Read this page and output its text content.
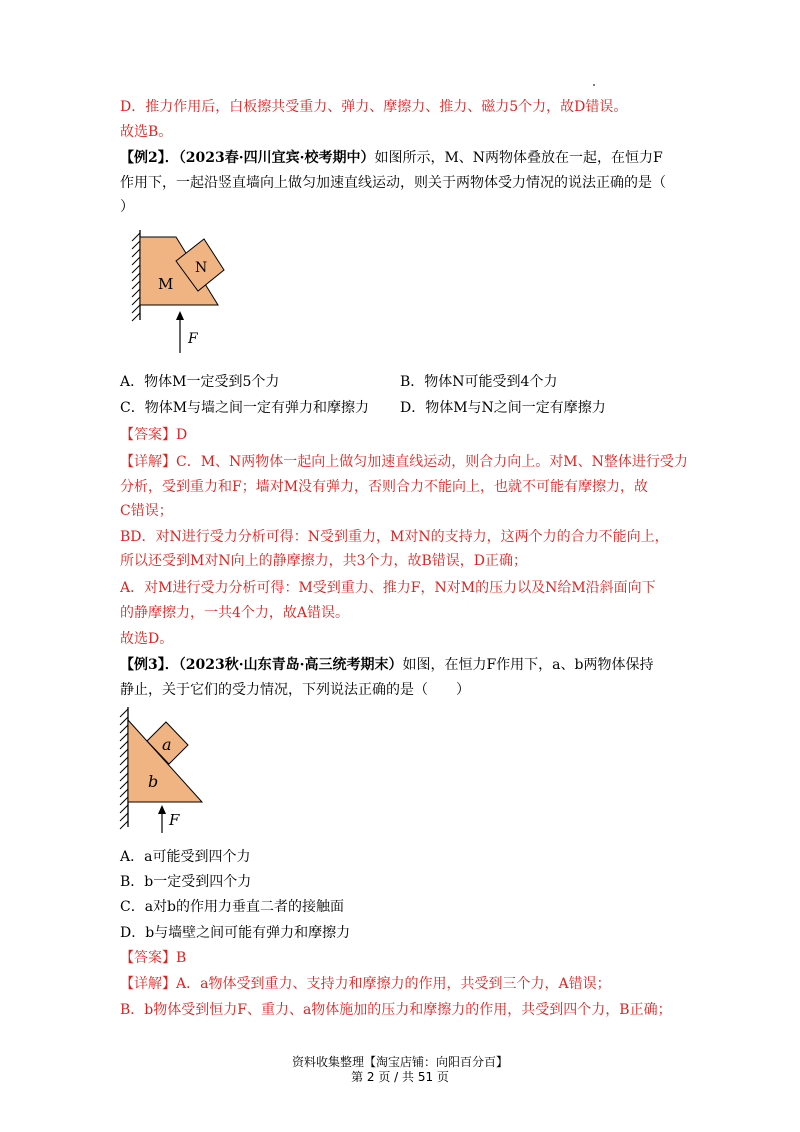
D．推力作用后，白板擦共受重力、弹力、摩擦力、推力、磁力5个力，故D错误。
故选B。
【例2】．（2023春·四川宜宾·校考期中）如图所示，M、N两物体叠放在一起，在恒力F
作用下，一起沿竖直墙向上做匀加速直线运动，则关于两物体受力情况的说法正确的是（
）
M
N
F
A．物体M一定受到5个力	B．物体N可能受到4个力
C．物体M与墙之间一定有弹力和摩擦力 D．物体M与N之间一定有摩擦力
【答案】D
【详解】C．M、N两物体一起向上做匀加速直线运动，则合力向上。对M、N整体进行受力
分析，受到重力和F；墙对M没有弹力，否则合力不能向上，也就不可能有摩擦力，故
C错误；
BD．对N进行受力分析可得：N受到重力，M对N的支持力，这两个力的合力不能向上，
所以还受到M对N向上的静摩擦力，共3个力，故B错误，D正确；
A．对M进行受力分析可得：M受到重力、推力F，N对M的压力以及N给M沿斜面向下
的静摩擦力，一共4个力，故A错误。
故选D。
【例3】．（2023秋·山东青岛·高三统考期末）如图，在恒力F作用下，a、b两物体保持
静止，关于它们的受力情况，下列说法正确的是（　　）
a
b
F
A．a可能受到四个力
B．b一定受到四个力
C．a对b的作用力垂直二者的接触面
D．b与墙壁之间可能有弹力和摩擦力
【答案】B
【详解】A．a物体受到重力、支持力和摩擦力的作用，共受到三个力，A错误；
B．b物体受到恒力F、重力、a物体施加的压力和摩擦力的作用，共受到四个力，B正确；
资料收集整理【淘宝店铺：向阳百分百】
第 2 页 / 共 51 页
